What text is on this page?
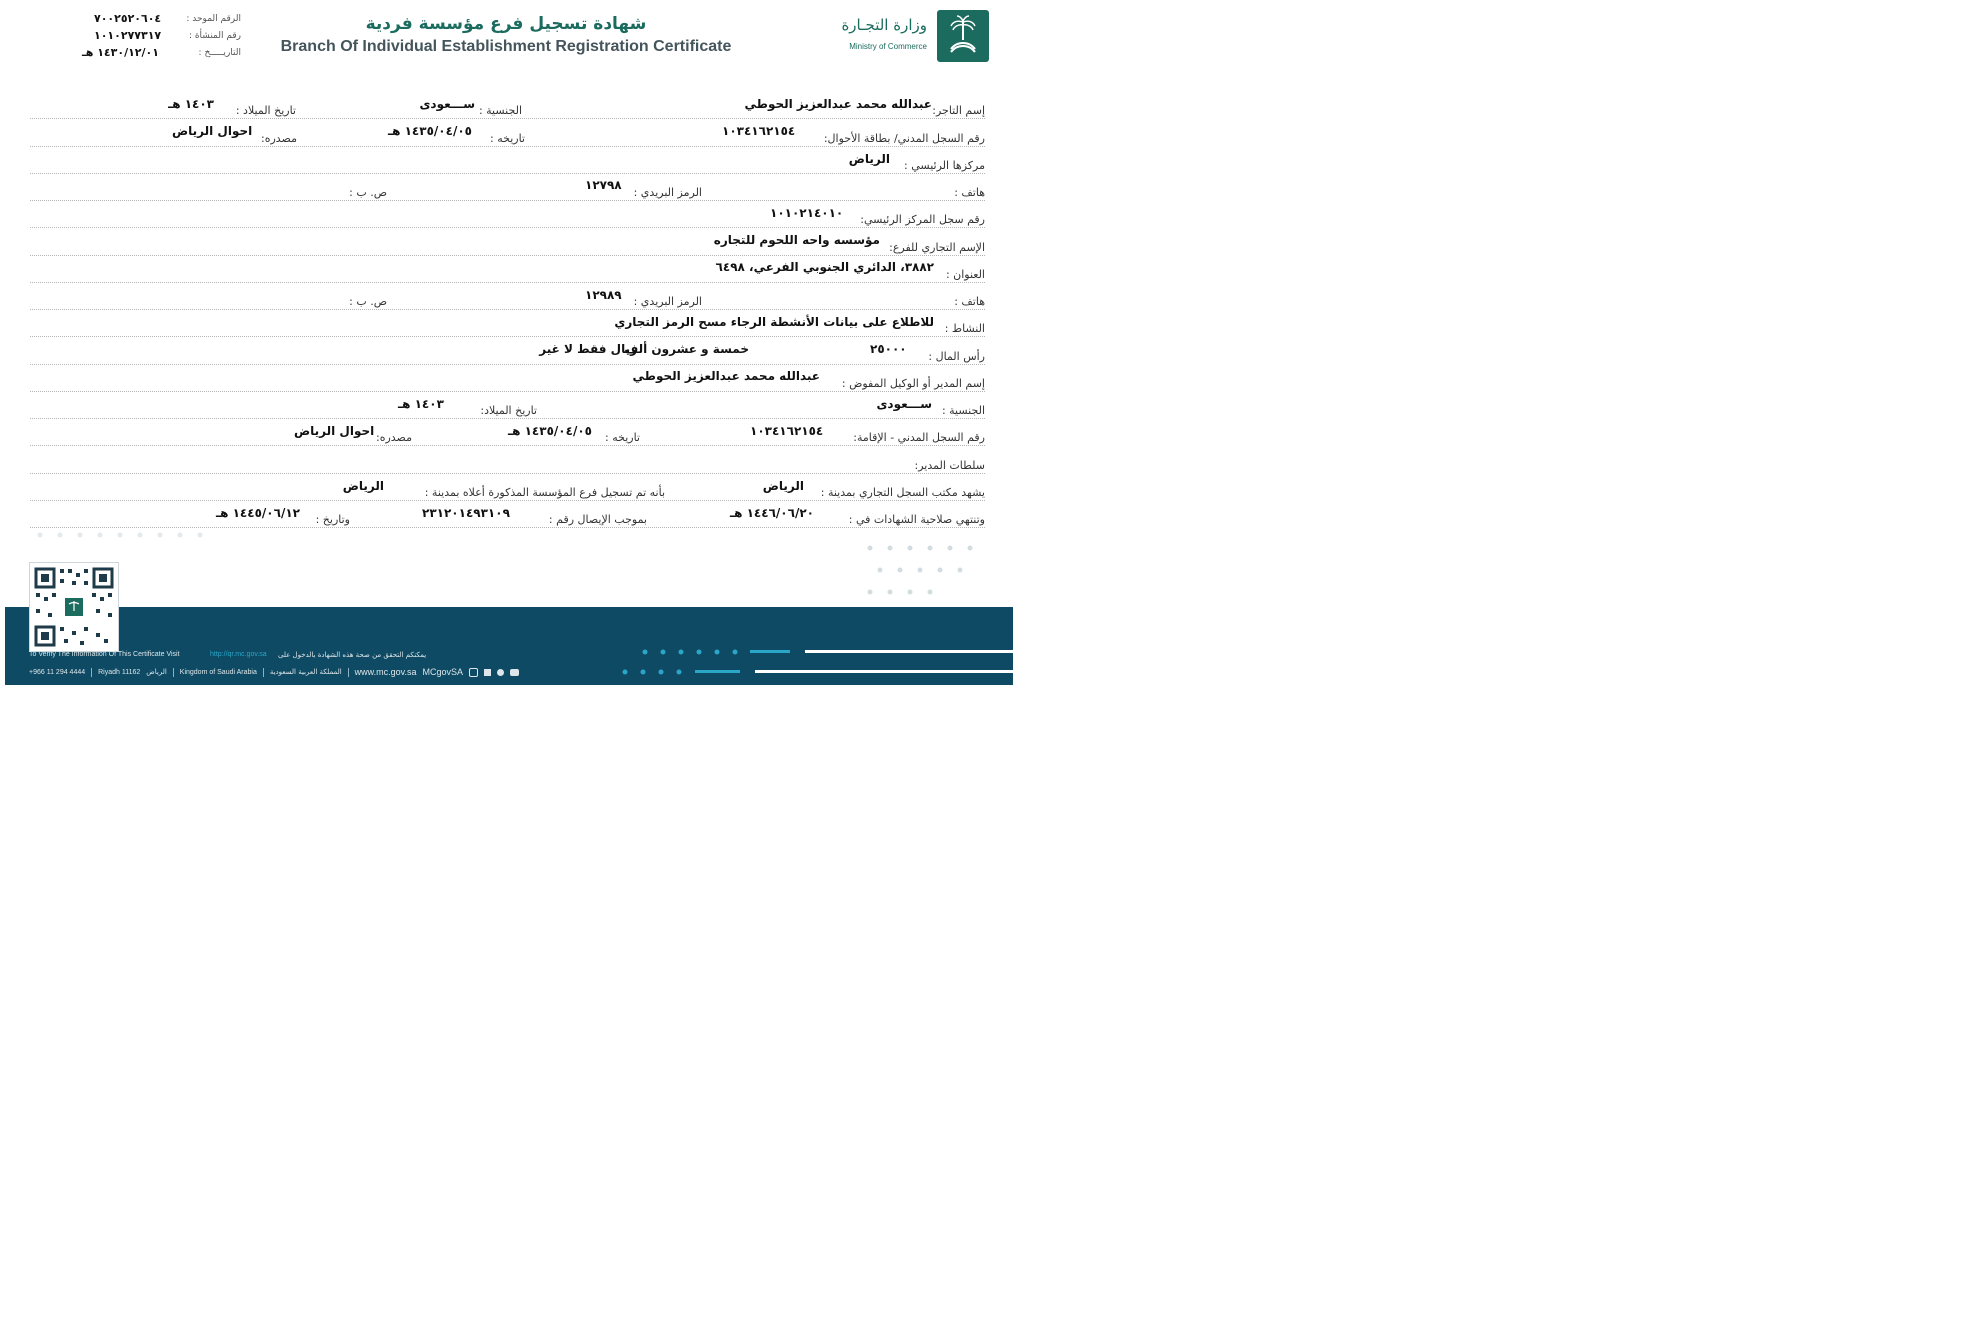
الرقم الموحد :
٧٠٠٢٥٢٠٦٠٤
رقم المنشأة :
١٠١٠٢٧٧٣١٧
التاريـــــخ :
١٤٣٠/١٢/٠١ هـ
شهادة تسجيل فرع مؤسسة فردية
Branch Of Individual Establishment Registration Certificate
وزارة التجـارة
Ministry of Commerce
إسم التاجر:
عبدالله محمد عبدالعزيز الحوطي
الجنسية :
ســـعودى
تاريخ الميلاد :
١٤٠٣ هـ
رقم السجل المدني/ بطاقة الأحوال:
١٠٣٤١٦٢١٥٤
تاريخه :
١٤٣٥/٠٤/٠٥ هـ
مصدره:
احوال الرياض
مركزها الرئيسي :
الرياض
هاتف :
الرمز البريدي :
١٢٧٩٨
ص. ب :
رقم سجل المركز الرئيسي:
١٠١٠٢١٤٠١٠
الإسم التجاري للفرع:
مؤسسه واحه اللحوم للتجاره
العنوان :
٣٨٨٢، الدائري الجنوبي الفرعي، ٦٤٩٨
هاتف :
الرمز البريدي :
١٢٩٨٩
ص. ب :
النشاط :
للاطلاع على بيانات الأنشطة الرجاء مسح الرمز التجاري
رأس المال :
٢٥٠٠٠
خمسة و عشرون ألف
ريال فقط لا غير
إسم المدير أو الوكيل المفوض :
عبدالله محمد عبدالعزيز الحوطي
الجنسية :
ســـعودى
تاريخ الميلاد:
١٤٠٣ هـ
رقم السجل المدني - الإقامة:
١٠٣٤١٦٢١٥٤
تاريخه :
١٤٣٥/٠٤/٠٥ هـ
مصدره:
احوال الرياض
سلطات المدير:
يشهد مكتب السجل التجاري بمدينة :
الرياض
بأنه تم تسجيل فرع المؤسسة المذكورة أعلاه بمدينة :
الرياض
وتنتهي صلاحية الشهادات في :
١٤٤٦/٠٦/٢٠ هـ
بموجب الإيصال رقم :
٢٣١٢٠١٤٩٣١٠٩
وتاريخ :
١٤٤٥/٠٦/١٢ هـ
To Verify The Information Of This Certificate Visit	http://qr.mc.gov.sa يمكنكم التحقق من صحة هذه الشهادة بالدخول على
+966 11 294 4444 Riyadh 11162 الرياض Kingdom of Saudi Arabia المملكة العربية السعودية www.mc.gov.sa MCgovSA
